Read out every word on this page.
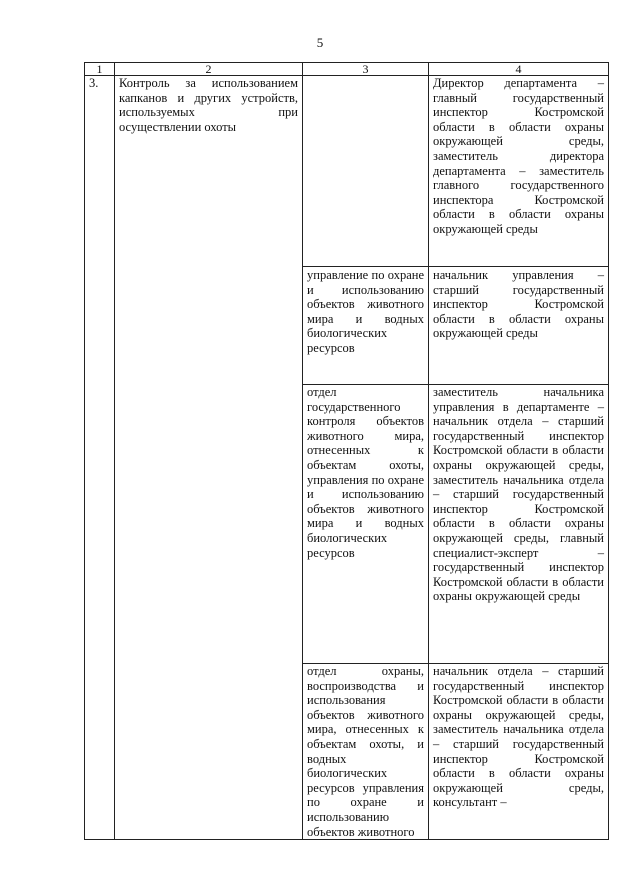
5
1	2	3	4
3.	Контроль за использованием капканов и других устройств, используемых при осуществлении охоты		Директор департамента – главный государственный инспектор Костромской области в области охраны окружающей среды, заместитель директора департамента – заместитель главного государственного инспектора Костромской области в области охраны окружающей среды
		управление по охране и использованию объектов животного мира и водных биологических ресурсов	начальник управления – старший государственный инспектор Костромской области в области охраны окружающей среды
		отдел государственного контроля объектов животного мира, отнесенных к объектам охоты, управления по охране и использованию объектов животного мира и водных биологических ресурсов	заместитель начальника управления в департаменте – начальник отдела – старший государственный инспектор Костромской области в области охраны окружающей среды, заместитель начальника отдела – старший государственный инспектор Костромской области в области охраны окружающей среды, главный специалист-эксперт – государственный инспектор Костромской области в области охраны окружающей среды
		отдел охраны, воспроизводства и использования объектов животного мира, отнесенных к объектам охоты, и водных биологических ресурсов управления по охране и использованию объектов животного	начальник отдела – старший государственный инспектор Костромской области в области охраны окружающей среды, заместитель начальника отдела – старший государственный инспектор Костромской области в области охраны окружающей среды, консультант –
